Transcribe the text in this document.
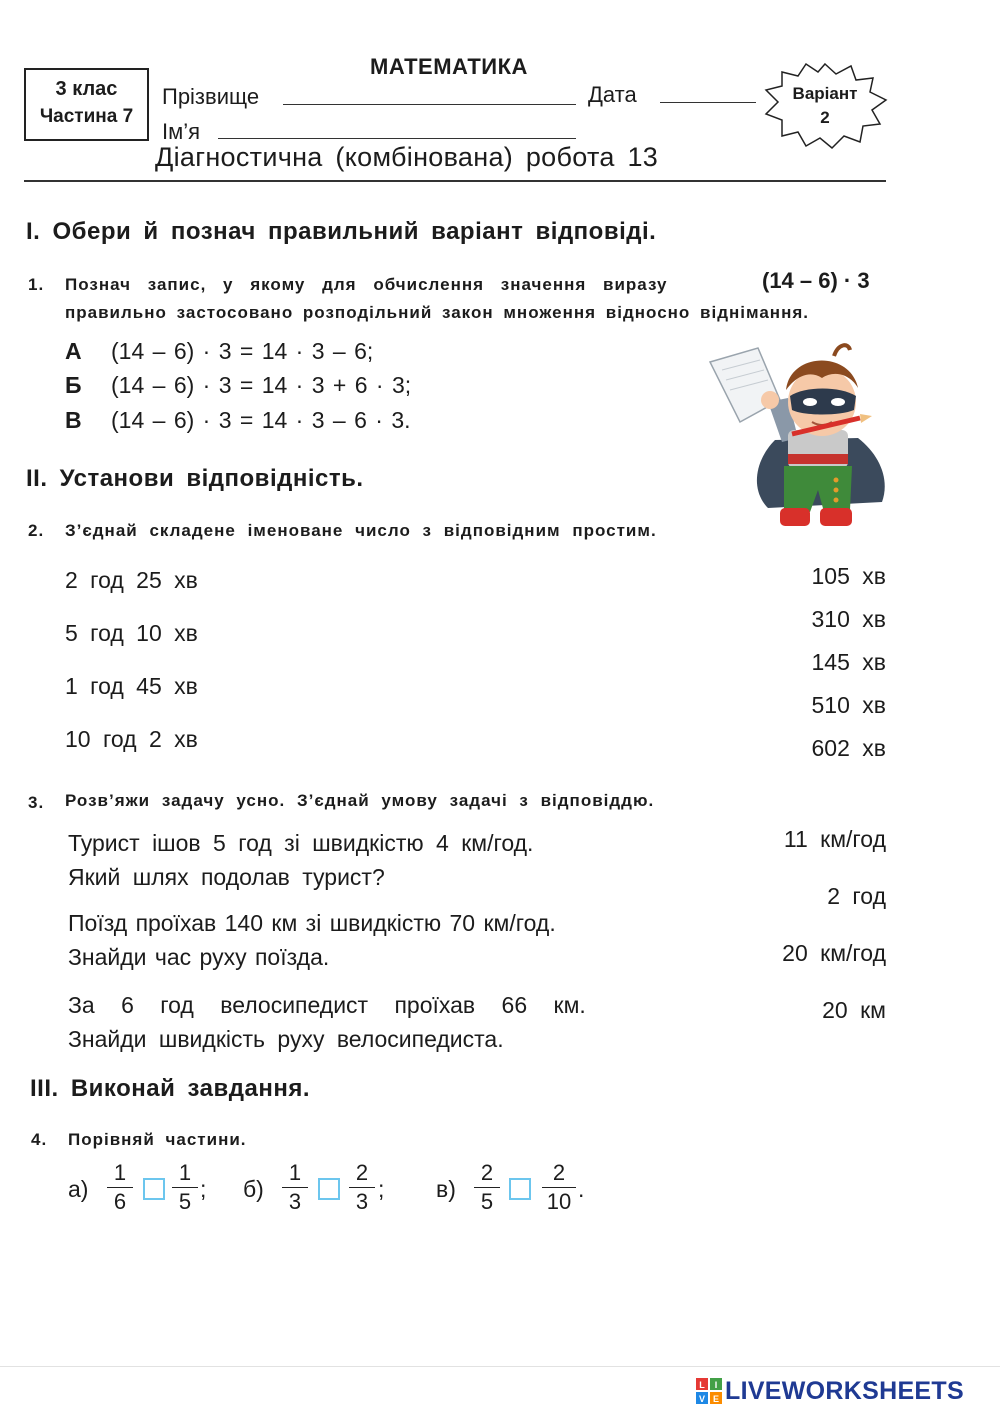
3 клас
Частина 7
МАТЕМАТИКА
Прізвище	Дата
Ім’я
Варіант
2
Діагностична (комбінована) робота 13
І. Обери й познач правильний варіант відповіді.
1. Познач запис, у якому для обчислення значення виразу	(14 – 6) · 3
правильно застосовано розподільний закон множення відносно віднімання.
А (14 – 6) · 3 = 14 · 3 – 6;
Б (14 – 6) · 3 = 14 · 3 + 6 · 3;
В (14 – 6) · 3 = 14 · 3 – 6 · 3.
ІІ. Установи відповідність.
2. З’єднай складене іменоване число з відповідним простим.
2 год 25 хв
5 год 10 хв
1 год 45 хв
10 год 2 хв
105 хв
310 хв
145 хв
510 хв
602 хв
3. Розв’яжи задачу усно. З’єднай умову задачі з відповіддю.
Турист ішов 5 год зі швидкістю 4 км/год.
Який шлях подолав турист?
Поїзд проїхав 140 км зі швидкістю 70 км/год.
Знайди час руху поїзда.
За 6 год велосипедист проїхав 66 км.
Знайди швидкість руху велосипедиста.
11 км/год
2 год
20 км/год
20 км
ІІІ. Виконай завдання.
4. Порівняй частини.
а)
1
6
1
5 ; б)
1
3
2
3 ; в)
2
5
2
10 .
L I
V E LIVEWORKSHEETS
